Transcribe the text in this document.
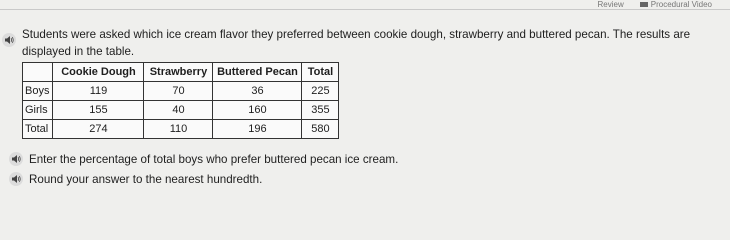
Review	Procedural Video
Students were asked which ice cream flavor they preferred between cookie dough, strawberry and buttered pecan. The results are displayed in the table.
	Cookie Dough	Strawberry	Buttered Pecan	Total
Boys	119	70	36	225
Girls	155	40	160	355
Total	274	110	196	580
Enter the percentage of total boys who prefer buttered pecan ice cream.
Round your answer to the nearest hundredth.
